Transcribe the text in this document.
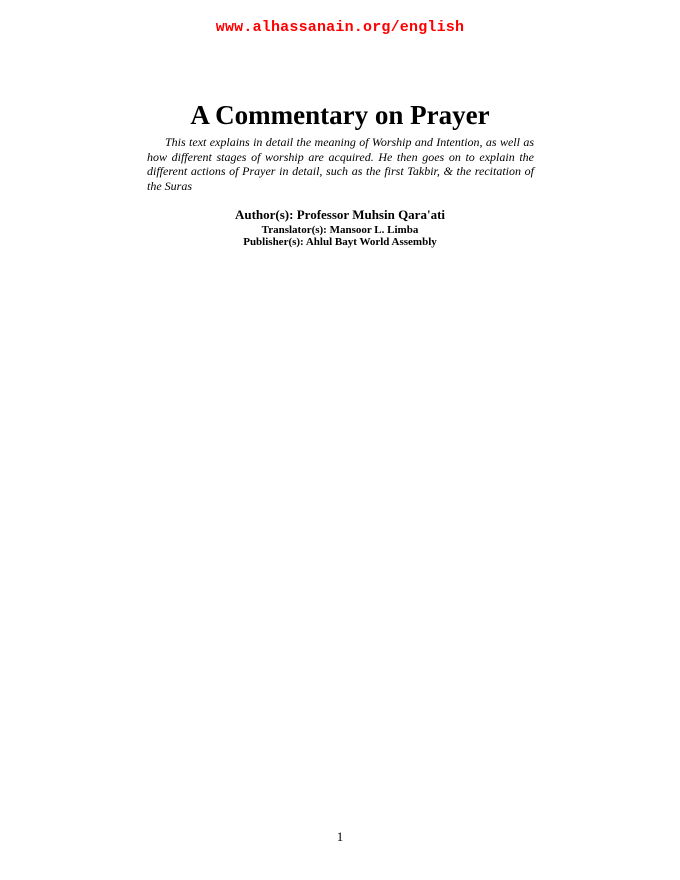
www.alhassanain.org/english
A Commentary on Prayer

This text explains in detail the meaning of Worship and Intention, as well as how different stages of worship are acquired. He then goes on to explain the different actions of Prayer in detail, such as the first Takbir, & the recitation of the Suras

Author(s): Professor Muhsin Qara'ati
Translator(s): Mansoor L. Limba
Publisher(s): Ahlul Bayt World Assembly
1
